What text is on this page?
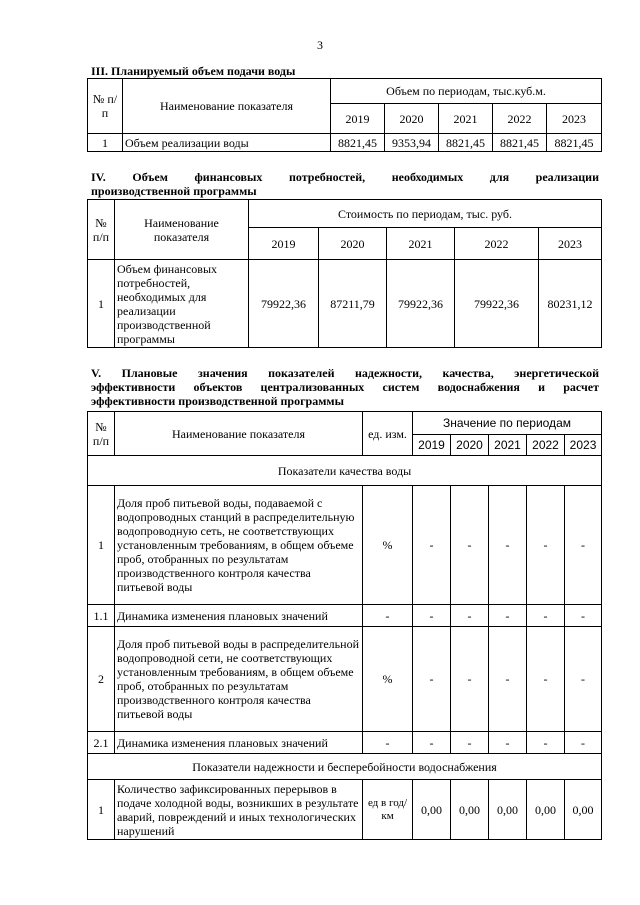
3
III. Планируемый объем подачи воды
№ п/п	Наименование показателя	Объем по периодам, тыс.куб.м.				
		2019	2020	2021	2022	2023
1	Объем реализации воды	8821,45	9353,94	8821,45	8821,45	8821,45
IV. Объем финансовых потребностей, необходимых для реализации
производственной программы
№ п/п	Наименование показателя	Стоимость по периодам, тыс. руб.				
		2019	2020	2021	2022	2023
1	Объем финансовых потребностей, необходимых для реализации производственной программы	79922,36	87211,79	79922,36	79922,36	80231,12
V. Плановые значения показателей надежности, качества, энергетической
эффективности объектов централизованных систем водоснабжения и расчет
эффективности производственной программы
№ п/п	Наименование показателя	ед. изм.	Значение по периодам				
			2019	2020	2021	2022	2023
Показатели качества воды							
1	Доля проб питьевой воды, подаваемой с водопроводных станций в распределительную водопроводную сеть, не соответствующих установленным требованиям, в общем объеме проб, отобранных по результатам производственного контроля качества питьевой воды	%	-	-	-	-	-
1.1	Динамика изменения плановых значений	-	-	-	-	-	-
2	Доля проб питьевой воды в распределительной водопроводной сети, не соответствующих установленным требованиям, в общем объеме проб, отобранных по результатам производственного контроля качества питьевой воды	%	-	-	-	-	-
2.1	Динамика изменения плановых значений	-	-	-	-	-	-
Показатели надежности и бесперебойности водоснабжения							
1	Количество зафиксированных перерывов в подаче холодной воды, возникших в результате аварий, повреждений и иных технологических нарушений	ед в год/ км	0,00	0,00	0,00	0,00	0,00
